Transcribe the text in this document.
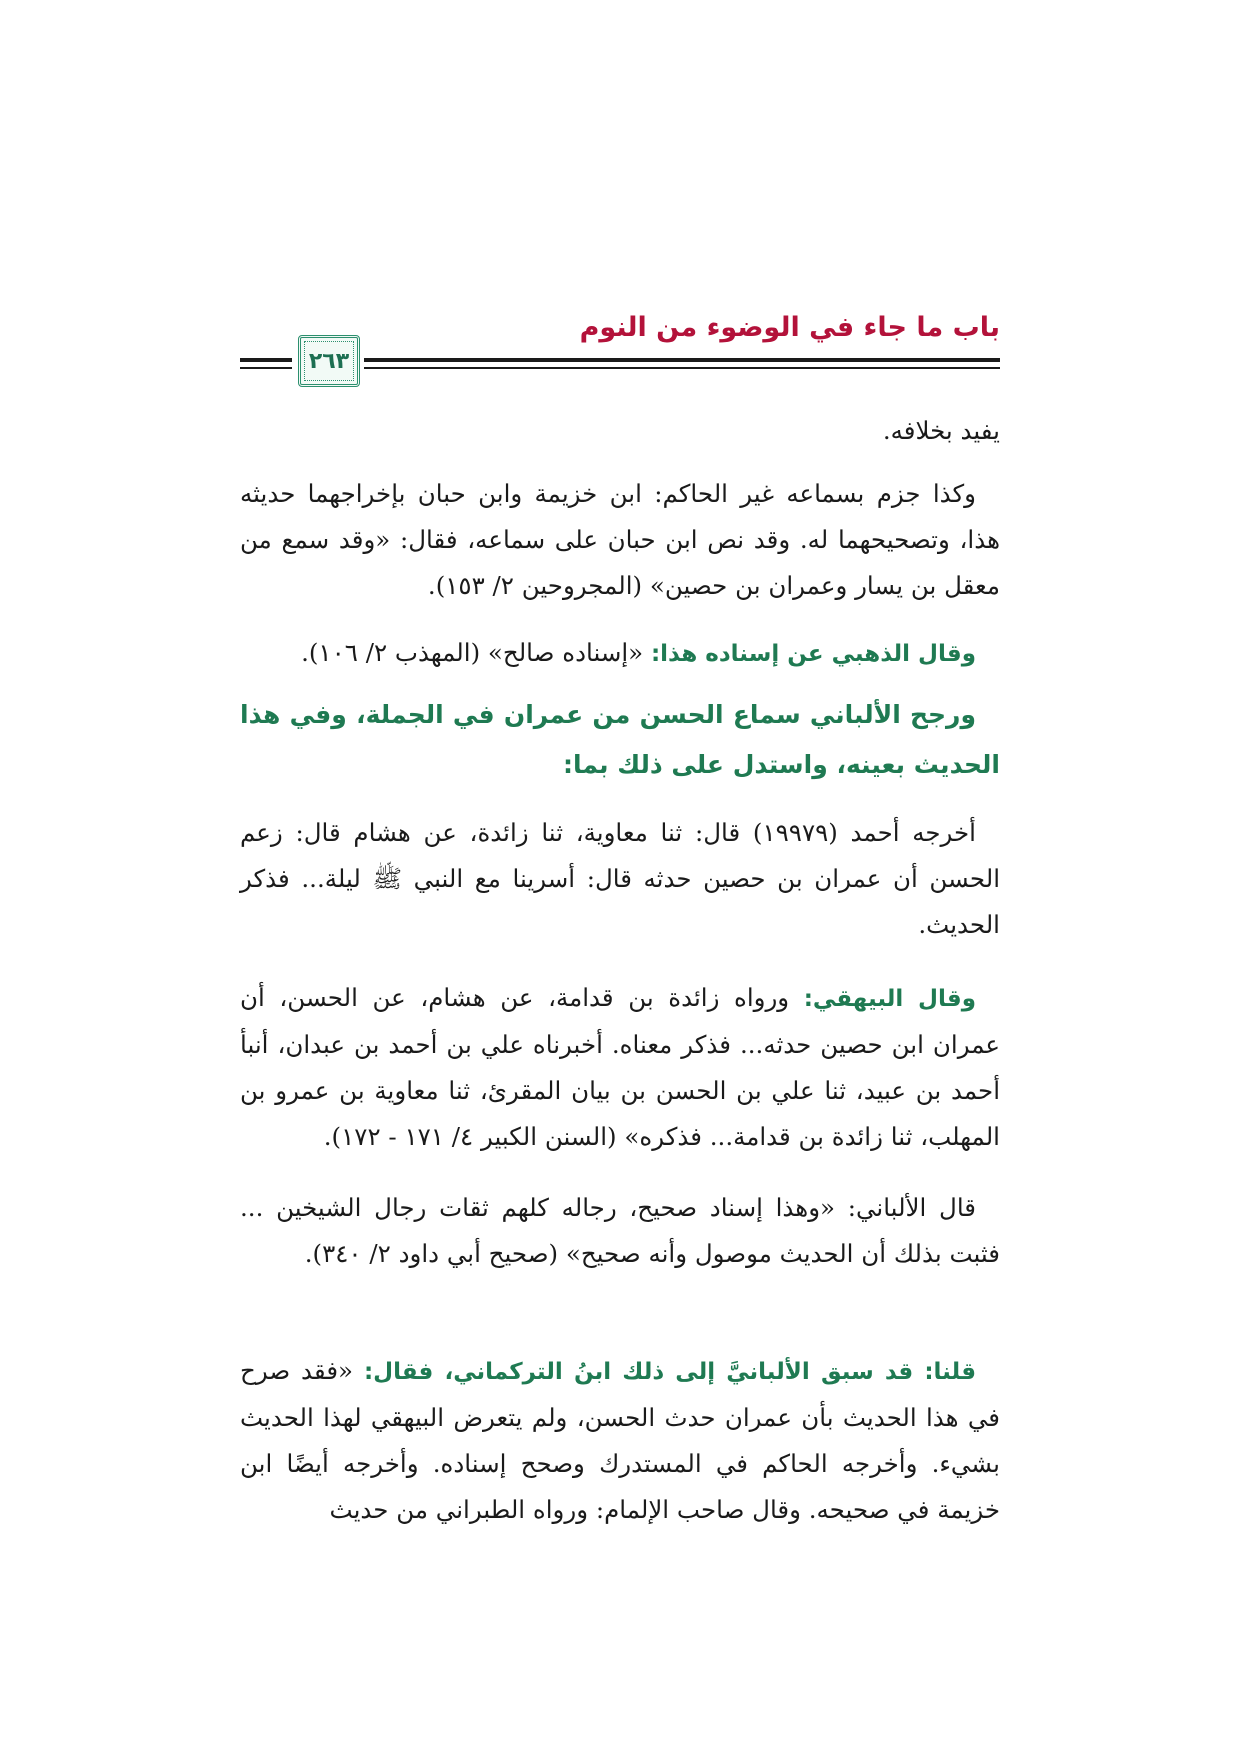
باب ما جاء في الوضوء من النوم
٢٦٣
يفيد بخلافه.
وكذا جزم بسماعه غير الحاكم: ابن خزيمة وابن حبان بإخراجهما حديثه هذا، وتصحيحهما له. وقد نص ابن حبان على سماعه، فقال: «وقد سمع من معقل بن يسار وعمران بن حصين» (المجروحين ٢/ ١٥٣).
وقال الذهبي عن إسناده هذا: «إسناده صالح» (المهذب ٢/ ١٠٦).
ورجح الألباني سماع الحسن من عمران في الجملة، وفي هذا الحديث بعينه، واستدل على ذلك بما:
أخرجه أحمد (١٩٩٧٩) قال: ثنا معاوية، ثنا زائدة، عن هشام قال: زعم الحسن أن عمران بن حصين حدثه قال: أسرينا مع النبي ﷺ ليلة... فذكر الحديث.
وقال البيهقي: ورواه زائدة بن قدامة، عن هشام، عن الحسن، أن عمران ابن حصين حدثه... فذكر معناه. أخبرناه علي بن أحمد بن عبدان، أنبأ أحمد بن عبيد، ثنا علي بن الحسن بن بيان المقرئ، ثنا معاوية بن عمرو بن المهلب، ثنا زائدة بن قدامة... فذكره» (السنن الكبير ٤/ ١٧١ - ١٧٢).
قال الألباني: «وهذا إسناد صحيح، رجاله كلهم ثقات رجال الشيخين ... فثبت بذلك أن الحديث موصول وأنه صحيح» (صحيح أبي داود ٢/ ٣٤٠).
قلنا: قد سبق الألبانيَّ إلى ذلك ابنُ التركماني، فقال: «فقد صرح في هذا الحديث بأن عمران حدث الحسن، ولم يتعرض البيهقي لهذا الحديث بشيء. وأخرجه الحاكم في المستدرك وصحح إسناده. وأخرجه أيضًا ابن خزيمة في صحيحه. وقال صاحب الإلمام: ورواه الطبراني من حديث
